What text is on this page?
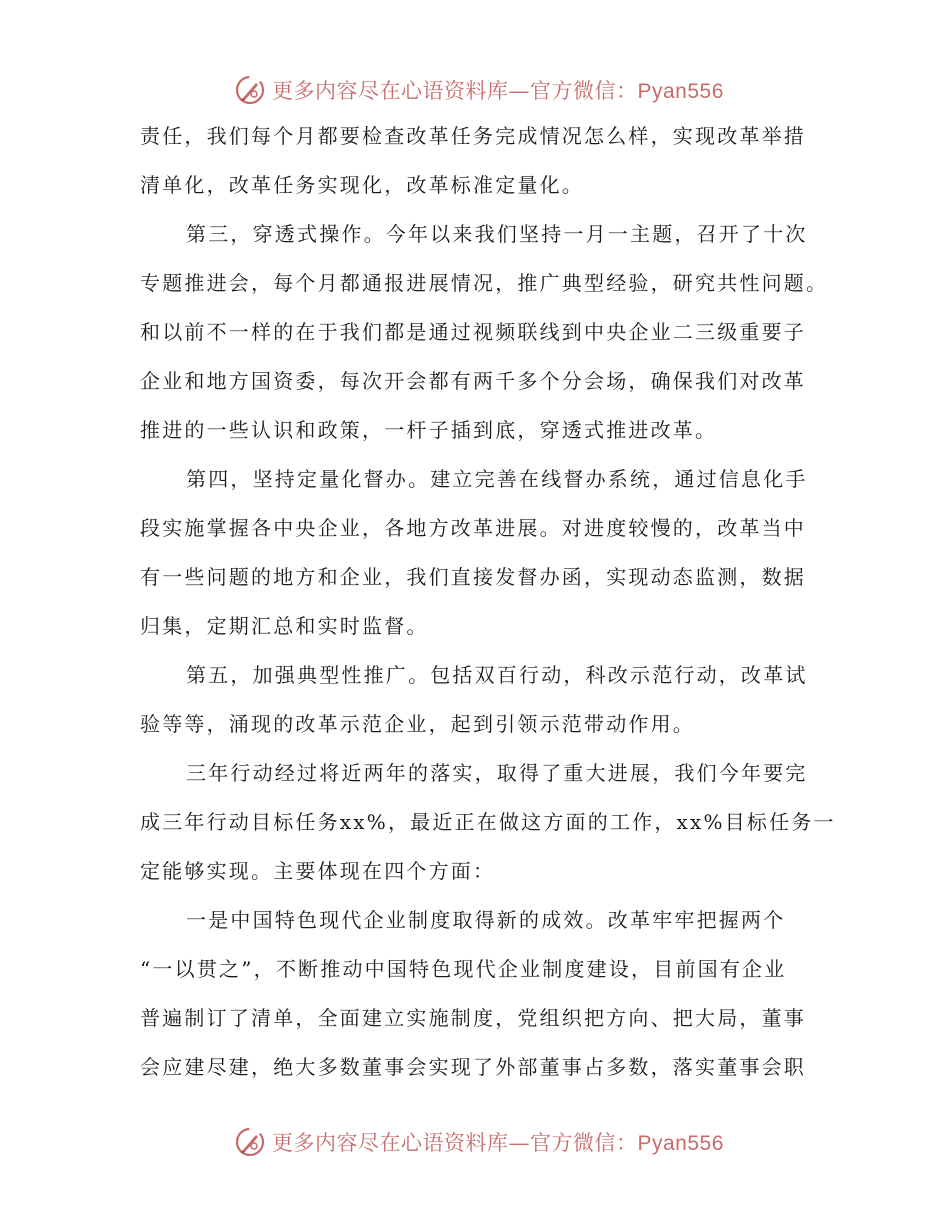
更多内容尽在心语资料库—官方微信：Pyan556
责任，我们每个月都要检查改革任务完成情况怎么样，实现改革举措
清单化，改革任务实现化，改革标准定量化。
第三，穿透式操作。今年以来我们坚持一月一主题，召开了十次
专题推进会，每个月都通报进展情况，推广典型经验，研究共性问题。
和以前不一样的在于我们都是通过视频联线到中央企业二三级重要子
企业和地方国资委，每次开会都有两千多个分会场，确保我们对改革
推进的一些认识和政策，一杆子插到底，穿透式推进改革。
第四，坚持定量化督办。建立完善在线督办系统，通过信息化手
段实施掌握各中央企业，各地方改革进展。对进度较慢的，改革当中
有一些问题的地方和企业，我们直接发督办函，实现动态监测，数据
归集，定期汇总和实时监督。
第五，加强典型性推广。包括双百行动，科改示范行动，改革试
验等等，涌现的改革示范企业，起到引领示范带动作用。
三年行动经过将近两年的落实，取得了重大进展，我们今年要完
成三年行动目标任务xx%，最近正在做这方面的工作，xx%目标任务一
定能够实现。主要体现在四个方面：
一是中国特色现代企业制度取得新的成效。改革牢牢把握两个
“一以贯之”，不断推动中国特色现代企业制度建设，目前国有企业
普遍制订了清单，全面建立实施制度，党组织把方向、把大局，董事
会应建尽建，绝大多数董事会实现了外部董事占多数，落实董事会职
更多内容尽在心语资料库—官方微信：Pyan556
